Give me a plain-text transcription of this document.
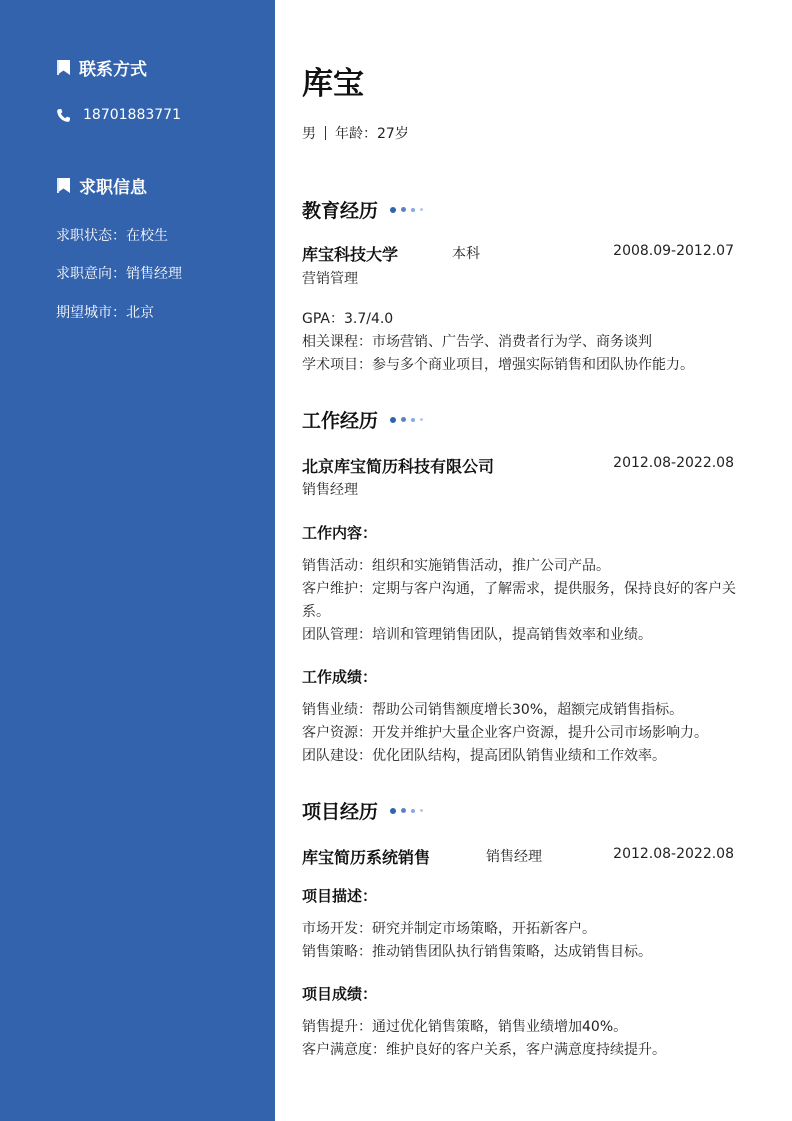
联系方式
18701883771
求职信息
求职状态：在校生
求职意向：销售经理
期望城市：北京
库宝
男 年龄：27岁
教育经历
库宝科技大学	本科	2008.09-2012.07
营销管理
GPA：3.7/4.0
相关课程：市场营销、广告学、消费者行为学、商务谈判
学术项目：参与多个商业项目，增强实际销售和团队协作能力。
工作经历
北京库宝简历科技有限公司	2012.08-2022.08
销售经理
工作内容：
销售活动：组织和实施销售活动，推广公司产品。
客户维护：定期与客户沟通，了解需求，提供服务，保持良好的客户关系。
团队管理：培训和管理销售团队，提高销售效率和业绩。
工作成绩：
销售业绩：帮助公司销售额度增长30%，超额完成销售指标。
客户资源：开发并维护大量企业客户资源，提升公司市场影响力。
团队建设：优化团队结构，提高团队销售业绩和工作效率。
项目经历
库宝简历系统销售	销售经理	2012.08-2022.08
项目描述：
市场开发：研究并制定市场策略，开拓新客户。
销售策略：推动销售团队执行销售策略，达成销售目标。
项目成绩：
销售提升：通过优化销售策略，销售业绩增加40%。
客户满意度：维护良好的客户关系，客户满意度持续提升。
